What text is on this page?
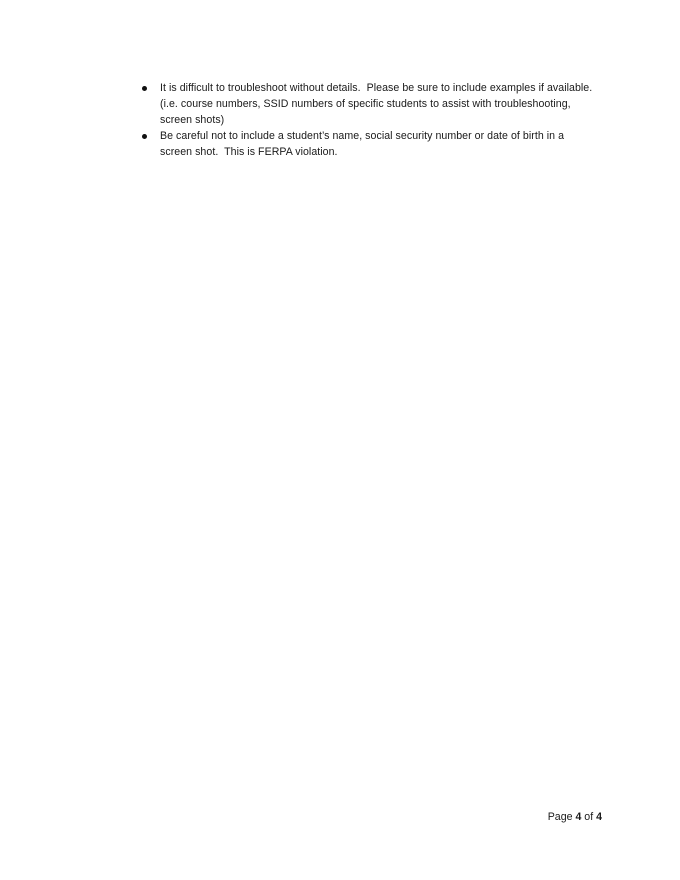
It is difficult to troubleshoot without details.  Please be sure to include examples if available. (i.e. course numbers, SSID numbers of specific students to assist with troubleshooting, screen shots)
Be careful not to include a student’s name, social security number or date of birth in a screen shot.  This is FERPA violation.
Page 4 of 4
